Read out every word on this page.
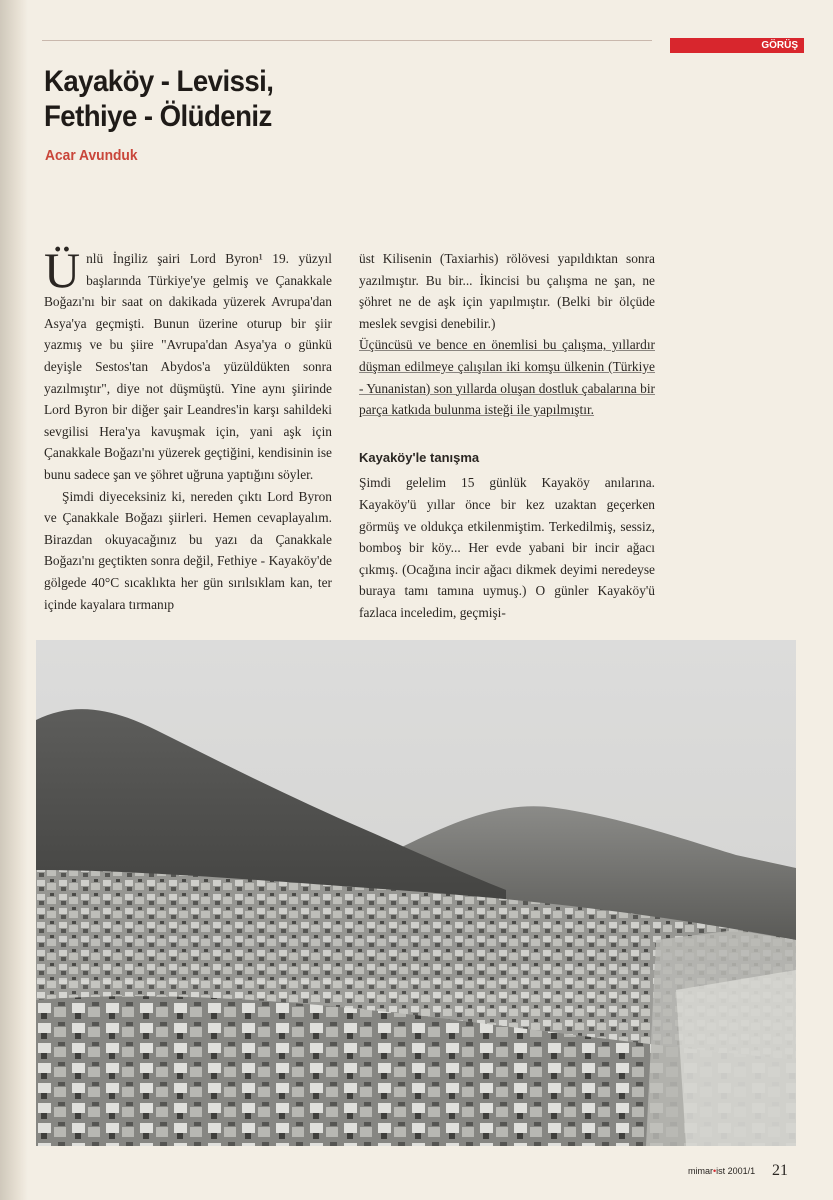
GÖRÜŞ
Kayaköy - Levissi,
Fethiye - Ölüdeniz
Acar Avunduk

Ünlü İngiliz şairi Lord Byron¹ 19. yüzyıl başlarında Türkiye'ye gelmiş ve Çanakkale Boğazı'nı bir saat on dakikada yüzerek Avrupa'dan Asya'ya geçmişti. Bunun üzerine oturup bir şiir yazmış ve bu şiire "Avrupa'dan Asya'ya o günkü deyişle Sestos'tan Abydos'a yüzüldükten sonra yazılmıştır", diye not düşmüştü. Yine aynı şiirinde Lord Byron bir diğer şair Leandres'in karşı sahildeki sevgilisi Hera'ya kavuşmak için, yani aşk için Çanakkale Boğazı'nı yüzerek geçtiğini, kendisinin ise bunu sadece şan ve şöhret uğruna yaptığını söyler.

Şimdi diyeceksiniz ki, nereden çıktı Lord Byron ve Çanakkale Boğazı şiirleri. Hemen cevaplayalım. Birazdan okuyacağınız bu yazı da Çanakkale Boğazı'nı geçtikten sonra değil, Fethiye - Kayaköy'de gölgede 40°C sıcaklıkta her gün sırılsıklam kan, ter içinde kayalara tırmanıp

üst Kilisenin (Taxiarhis) rölövesi yapıldıktan sonra yazılmıştır. Bu bir... İkincisi bu çalışma ne şan, ne şöhret ne de aşk için yapılmıştır. (Belki bir ölçüde meslek sevgisi denebilir.)

Üçüncüsü ve bence en önemlisi bu çalışma, yıllardır düşman edilmeye çalışılan iki komşu ülkenin (Türkiye - Yunanistan) son yıllarda oluşan dostluk çabalarına bir parça katkıda bulunma isteği ile yapılmıştır.

Kayaköy'le tanışma

Şimdi gelelim 15 günlük Kayaköy anılarına. Kayaköy'ü yıllar önce bir kez uzaktan geçerken görmüş ve oldukça etkilenmiştim. Terkedilmiş, sessiz, bombоş bir köy... Her evde yabani bir incir ağacı çıkmış. (Ocağına incir ağacı dikmek deyimi neredeyse buraya tamı tamına uymuş.) O günler Kayaköy'ü fazlaca inceledim, geçmişi-

mimar•ist 2001/1 21
